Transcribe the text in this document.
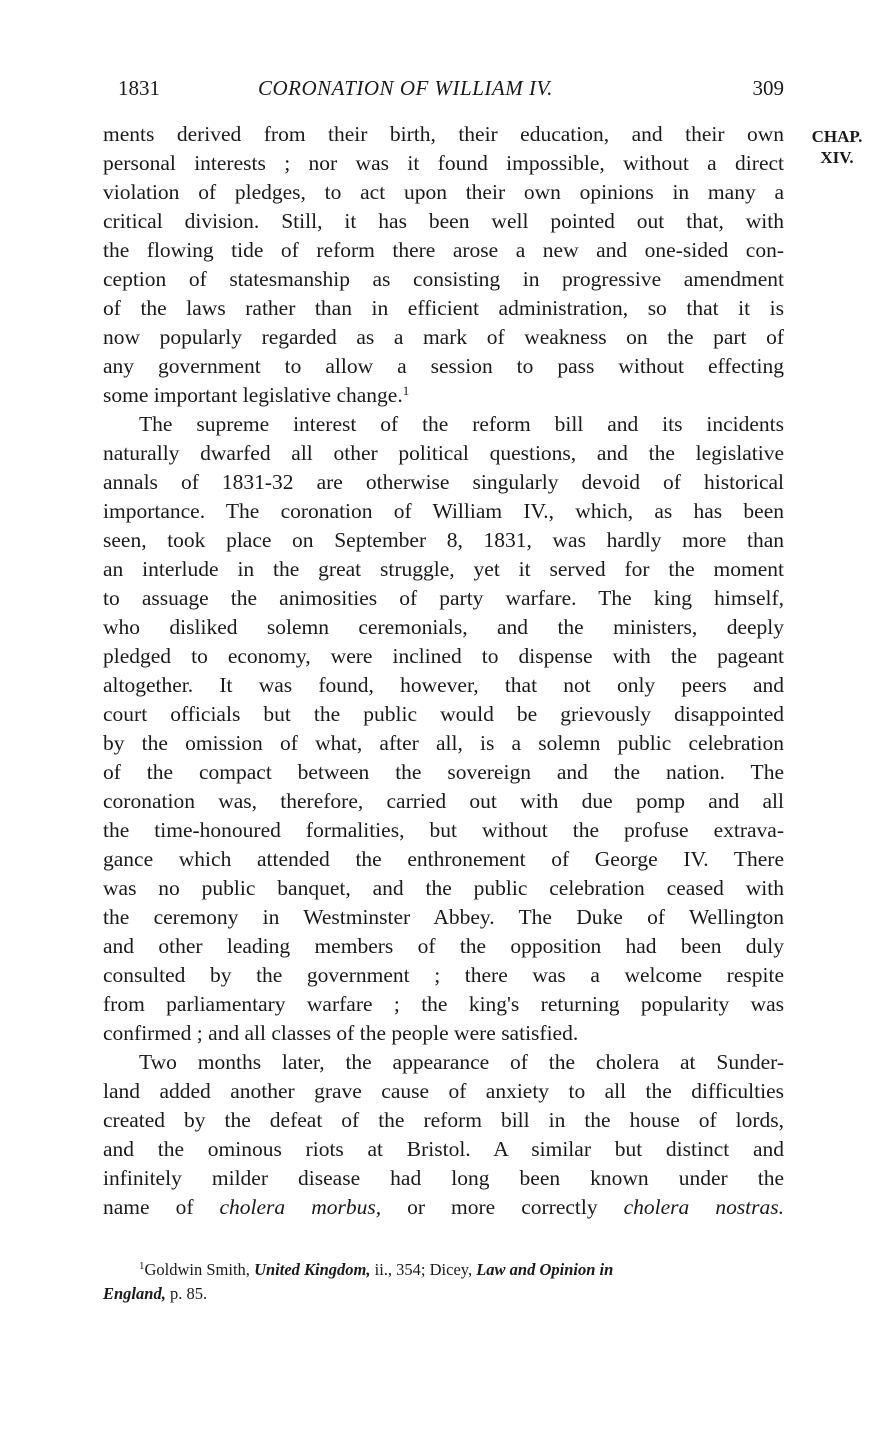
1831	CORONATION OF WILLIAM IV.	309
CHAP.
XIV.
ments derived from their birth, their education, and their own
personal interests ; nor was it found impossible, without a direct
violation of pledges, to act upon their own opinions in many a
critical division. Still, it has been well pointed out that, with
the flowing tide of reform there arose a new and one-sided con-
ception of statesmanship as consisting in progressive amendment
of the laws rather than in efficient administration, so that it is
now popularly regarded as a mark of weakness on the part of
any government to allow a session to pass without effecting
some important legislative change.$^1$
The supreme interest of the reform bill and its incidents
naturally dwarfed all other political questions, and the legislative
annals of 1831-32 are otherwise singularly devoid of historical
importance. The coronation of William IV., which, as has been
seen, took place on September 8, 1831, was hardly more than
an interlude in the great struggle, yet it served for the moment
to assuage the animosities of party warfare. The king himself,
who disliked solemn ceremonials, and the ministers, deeply
pledged to economy, were inclined to dispense with the pageant
altogether. It was found, however, that not only peers and
court officials but the public would be grievously disappointed
by the omission of what, after all, is a solemn public celebration
of the compact between the sovereign and the nation. The
coronation was, therefore, carried out with due pomp and all
the time-honoured formalities, but without the profuse extrava-
gance which attended the enthronement of George IV. There
was no public banquet, and the public celebration ceased with
the ceremony in Westminster Abbey. The Duke of Wellington
and other leading members of the opposition had been duly
consulted by the government ; there was a welcome respite
from parliamentary warfare ; the king's returning popularity was
confirmed ; and all classes of the people were satisfied.
Two months later, the appearance of the cholera at Sunder-
land added another grave cause of anxiety to all the difficulties
created by the defeat of the reform bill in the house of lords,
and the ominous riots at Bristol. A similar but distinct and
infinitely milder disease had long been known under the
name of cholera morbus, or more correctly cholera nostras.
$^1$Goldwin Smith, United Kingdom, ii., 354; Dicey, Law and Opinion in
England, p. 85.
